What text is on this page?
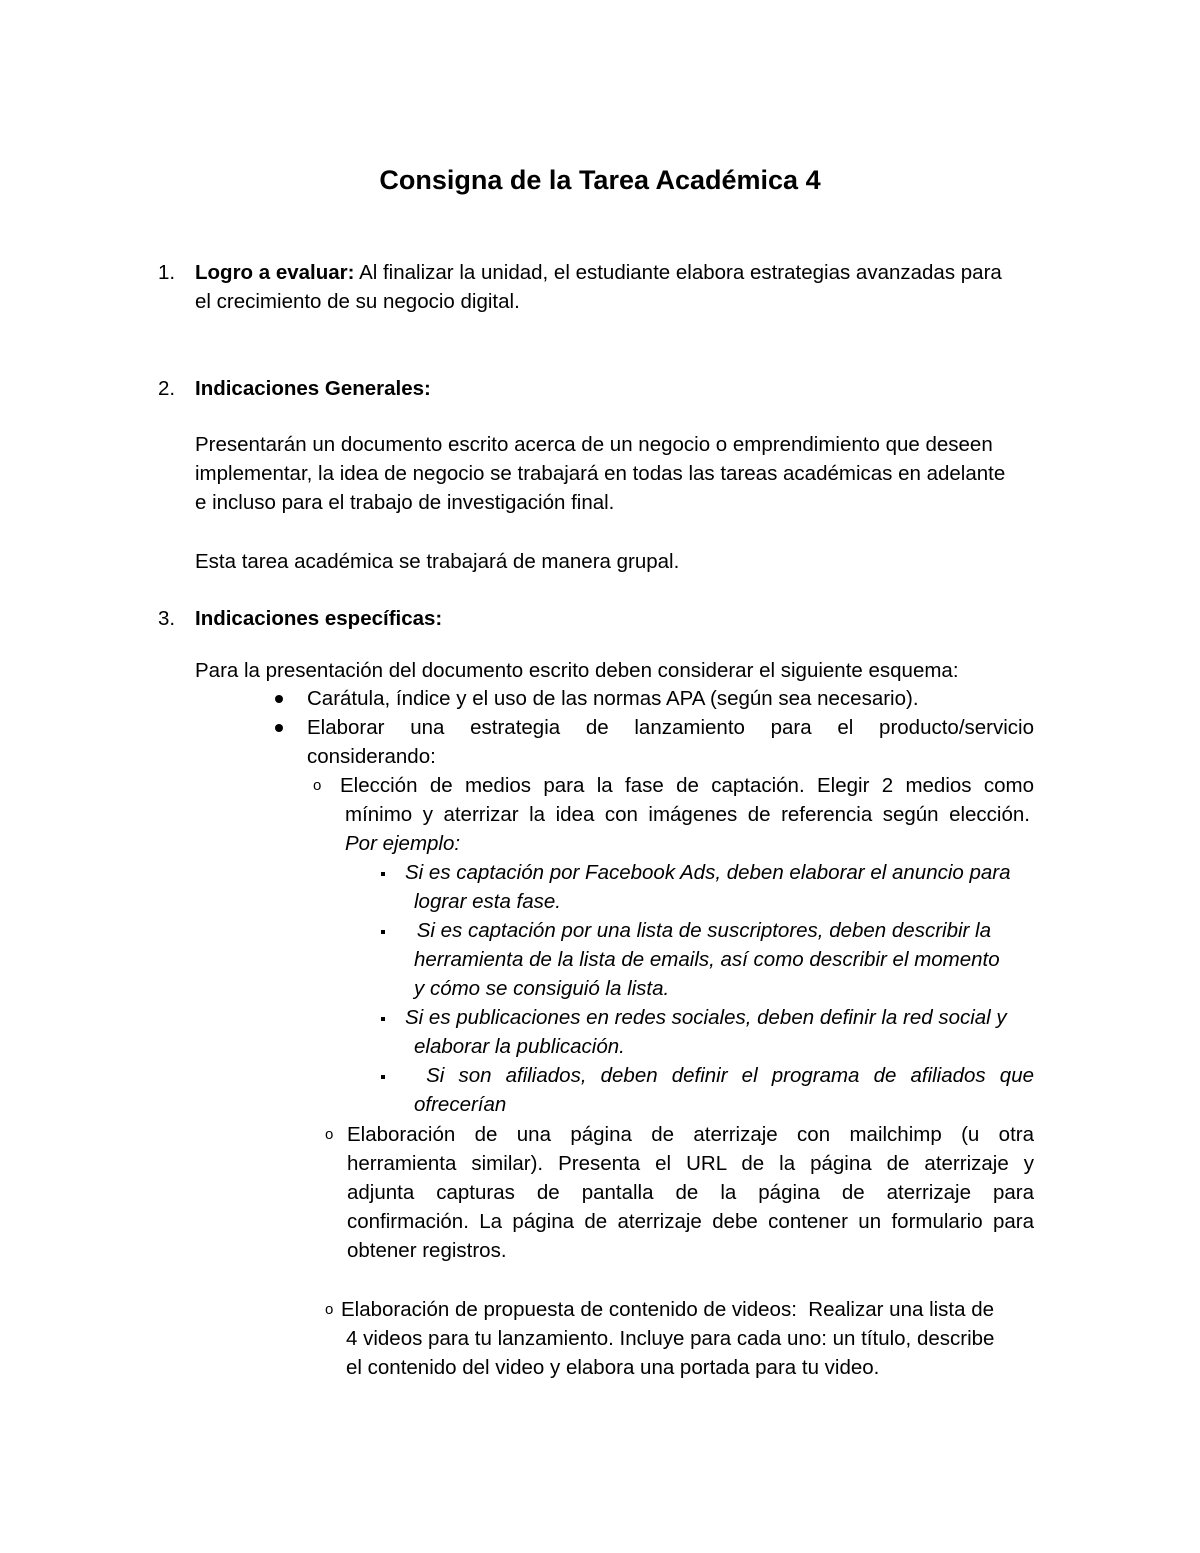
Consigna de la Tarea Académica 4
1. Logro a evaluar: Al finalizar la unidad, el estudiante elabora estrategias avanzadas para
el crecimiento de su negocio digital.
2. Indicaciones Generales:
Presentarán un documento escrito acerca de un negocio o emprendimiento que deseen
implementar, la idea de negocio se trabajará en todas las tareas académicas en adelante
e incluso para el trabajo de investigación final.
Esta tarea académica se trabajará de manera grupal.
3. Indicaciones específicas:
Para la presentación del documento escrito deben considerar el siguiente esquema:
Carátula, índice y el uso de las normas APA (según sea necesario).
Elaborar una estrategia de lanzamiento para el producto/servicio
considerando:
o Elección de medios para la fase de captación. Elegir 2 medios como
mínimo y aterrizar la idea con imágenes de referencia según elección.
Por ejemplo:
Si es captación por Facebook Ads, deben elaborar el anuncio para
lograr esta fase.
Si es captación por una lista de suscriptores, deben describir la
herramienta de la lista de emails, así como describir el momento
y cómo se consiguió la lista.
Si es publicaciones en redes sociales, deben definir la red social y
elaborar la publicación.
Si son afiliados, deben definir el programa de afiliados que
ofrecerían
o Elaboración de una página de aterrizaje con mailchimp (u otra
herramienta similar). Presenta el URL de la página de aterrizaje y
adjunta capturas de pantalla de la página de aterrizaje para
confirmación. La página de aterrizaje debe contener un formulario para
obtener registros.
o Elaboración de propuesta de contenido de videos:  Realizar una lista de
4 videos para tu lanzamiento. Incluye para cada uno: un título, describe
el contenido del video y elabora una portada para tu video.
